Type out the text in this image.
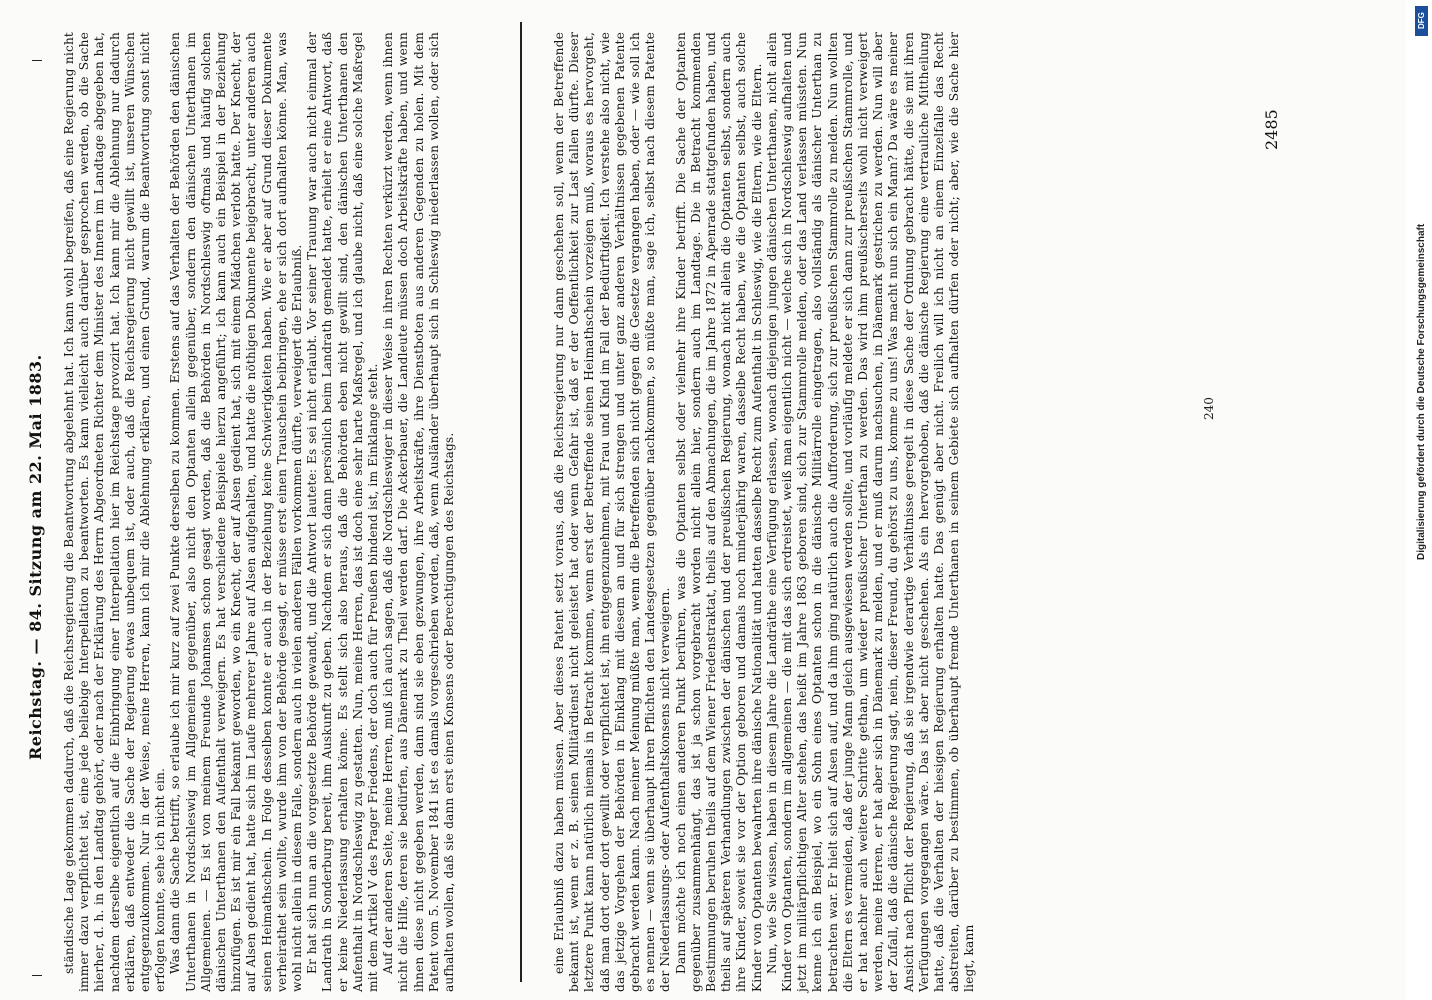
Reichstag. — 84. Sitzung am 22. Mai 1883. ständische Lage gekommen dadurch, daß die Reichsregierung die Beantwortung abgelehnt hat. Ich kann wohl begreifen, daß eine Regierung nicht immer dazu verpflichtet ist, eine jede beliebige Interpellation zu beantworten. Es kann vielleicht auch darüber gesprochen werden, ob die Sache hierher, d. h. in den Landtag gehört, oder nach der Erklärung des Herrn Abgeordneten Richter dem Minister des Innern im Landtage abgegeben hat, nachdem derselbe eigentlich auf die Einbringung einer Interpellation hier im Reichstage provozirt hat. Ich kann mir die Ablehnung nur dadurch erklären, daß entweder die Sache der Regierung etwas unbequem ist, oder auch, daß die Reichsregierung nicht gewillt ist, unseren Wünschen entgegenzukommen. Nur in der Weise, meine Herren, kann ich mir die Ablehnung erklären, und einen Grund, warum die Beantwortung sonst nicht erfolgen konnte, sehe ich nicht ein. Was dann die Sache betrifft, so erlaube ich mir kurz auf zwei Punkte derselben zu kommen. Erstens auf das Verhalten der Behörden den dänischen Unterthanen in Nordschleswig im Allgemeinen gegenüber, also nicht den Optanten allein gegenüber, sondern den dänischen Unterthanen im Allgemeinen. — Es ist von meinem Freunde Johannsen schon gesagt worden, daß die Behörden in Nordschleswig oftmals und häufig solchen dänischen Unterthanen den Aufenthalt verweigern. Es hat verschiedene Beispiele hierzu angeführt; ich kann auch ein Beispiel in der Beziehung hinzufügen. Es ist mir ein Fall bekannt geworden, wo ein Knecht, der auf Alsen gedient hat, sich mit einem Mädchen verlobt hatte. Der Knecht, der auf Alsen gedient hat, hatte sich im Laufe mehrerer Jahre auf Alsen aufgehalten, und hatte die nöthigen Dokumente beigebracht, unter anderen auch seinen Heimathschein. In Folge desselben konnte er auch in der Beziehung keine Schwierigkeiten haben. Wie er aber auf Grund dieser Dokumente verheirathet sein wollte, wurde ihm von der Behörde gesagt, er müsse erst einen Trauschein beibringen, ehe er sich dort aufhalten könne. Man, was wohl nicht allein in diesem Falle, sondern auch in vielen anderen Fällen vorkommen dürfte, verweigert die Erlaubniß. Er hat sich nun an die vorgesetzte Behörde gewandt, und die Antwort lautete: Es sei nicht erlaubt. Vor seiner Trauung war auch nicht einmal der Landrath in Sonderburg bereit, ihm Auskunft zu geben. Nachdem er sich dann persönlich beim Landrath gemeldet hatte, erhielt er eine Antwort, daß er keine Niederlassung erhalten könne. Es stellt sich also heraus, daß die Behörden eben nicht gewillt sind, den dänischen Unterthanen den Aufenthalt in Nordschleswig zu gestatten. Nun, meine Herren, das ist doch eine sehr harte Maßregel, und ich glaube nicht, daß eine solche Maßregel mit dem Artikel V des Prager Friedens, der doch auch für Preußen bindend ist, im Einklange steht. Auf der anderen Seite, meine Herren, muß ich auch sagen, daß die Nordschleswiger in dieser Weise in ihren Rechten verkürzt werden, wenn ihnen nicht die Hilfe, deren sie bedürfen, aus Dänemark zu Theil werden darf. Die Ackerbauer, die Landleute müssen doch Arbeitskräfte haben, und wenn ihnen diese nicht gegeben werden, dann sind sie eben gezwungen, ihre Arbeitskräfte, ihre Dienstboten aus anderen Gegenden zu holen. Mit dem Patent vom 5. November 1841 ist es damals vorgeschrieben worden, daß, wenn Ausländer überhaupt sich in Schleswig niederlassen wollen, oder sich aufhalten wollen, daß sie dann erst einen Konsens oder Berechtigungen des Reichstags.	eine Erlaubniß dazu haben müssen. Aber dieses Patent setzt voraus, daß die Reichsregierung nur dann geschehen soll, wenn der Betreffende bekannt ist, wenn er z. B. seinen Militärdienst nicht geleistet hat oder wenn Gefahr ist, daß er der Oeffentlichkeit zur Last fallen dürfte. Dieser letztere Punkt kann natürlich niemals in Betracht kommen, wenn erst der Betreffende seinen Heimathschein vorzeigen muß, woraus es hervorgeht, daß man dort oder dort gewillt oder verpflichtet ist, ihn entgegenzunehmen, mit Frau und Kind im Fall der Bedürftigkeit. Ich verstehe also nicht, wie das jetzige Vorgehen der Behörden in Einklang mit diesem an und für sich strengen und unter ganz anderen Verhältnissen gegebenen Patente gebracht werden kann. Nach meiner Meinung müßte man, wenn die Betreffenden sich nicht gegen die Gesetze vergangen haben, oder — wie soll ich es nennen — wenn sie überhaupt ihren Pflichten den Landesgesetzen gegenüber nachkommen, so müßte man, sage ich, selbst nach diesem Patente der Niederlassungs- oder Aufenthaltskonsens nicht verweigern. Dann möchte ich noch einen anderen Punkt berühren, was die Optanten selbst oder vielmehr ihre Kinder betrifft. Die Sache der Optanten gegenüber zusammenhängt, das ist ja schon vorgebracht worden nicht allein hier, sondern auch im Landtage. Die in Betracht kommenden Bestimmungen beruhen theils auf dem Wiener Friedenstraktat, theils auf den Abmachungen, die im Jahre 1872 in Apenrade stattgefunden haben, und theils auf späteren Verhandlungen zwischen der dänischen und der preußischen Regierung, wonach nicht allein die Optanten selbst, sondern auch ihre Kinder, soweit sie vor der Option geboren und damals noch minderjährig waren, dasselbe Recht haben, wie die Optanten selbst, auch solche Kinder von Optanten bewahrten ihre dänische Nationalität und hatten dasselbe Recht zum Aufenthalt in Schleswig, wie die Eltern, wie die Eltern. Nun, wie Sie wissen, haben in diesem Jahre die Landräthe eine Verfügung erlassen, wonach diejenigen jungen dänischen Unterthanen, nicht allein Kinder von Optanten, sondern im allgemeinen — die mit das sich erdreistet, weiß man eigentlich nicht — welche sich in Nordschleswig aufhalten und jetzt im militärpflichtigen Alter stehen, das heißt im Jahre 1863 geboren sind, sich zur Stammrolle melden, oder das Land verlassen müssten. Nun kenne ich ein Beispiel, wo ein Sohn eines Optanten schon in die dänische Militärrolle eingetragen, also vollständig als dänischer Unterthan zu betrachten war. Er hielt sich auf Alsen auf, und da ihm ging natürlich auch die Aufforderung, sich zur preußischen Stammrolle zu melden. Nun wollten die Eltern es vermeiden, daß der junge Mann gleich ausgewiesen werden sollte, und vorläufig meldete er sich dann zur preußischen Stammrolle, und er hat nachher auch weitere Schritte gethan, um wieder preußischer Unterthan zu werden. Das wird ihm preußischerseits wohl nicht verweigert werden, meine Herren, er hat aber sich in Dänemark zu melden, und er muß darum nachsuchen, in Dänemark gestrichen zu werden. Nun will aber der Zufall, daß die dänische Regierung sagt, nein, dieser Freund, du gehörst zu uns, komme zu uns! Was macht nun sich ein Mann? Da wäre es meiner Ansicht nach Pflicht der Regierung, daß sie irgendwie derartige Verhältnisse geregelt in diese Sache der Ordnung gebracht hätte, die sie mit ihren Verfügungen vorgegangen wäre. Das ist aber nicht geschehen. Als ein hervorgehoben, daß die dänische Regierung eine vertrauliche Mittheilung hatte, daß die Verhalten der hiesigen Regierung erhalten hatte. Das genügt aber nicht. Freilich will ich nicht an einem Einzelfalle das Recht abstreiten, darüber zu bestimmen, ob überhaupt fremde Unterthanen in seinem Gebiete sich aufhalten dürfen oder nicht; aber, wie die Sache hier liegt, kann

2485
240
DFG
Digitalisierung gefördert durch die Deutsche Forschungsgemeinschaft
